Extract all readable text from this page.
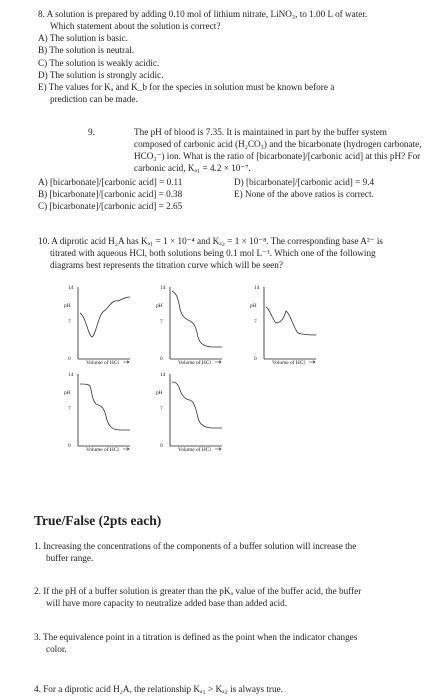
8. A solution is prepared by adding 0.10 mol of lithium nitrate, LiNO₃, to 1.00 L of water.
Which statement about the solution is correct?
A) The solution is basic.
B) The solution is neutral.
C) The solution is weakly acidic.
D) The solution is strongly acidic.
E) The values for Kₐ and K_b for the species in solution must be known before a
prediction can be made.
9.	The pH of blood is 7.35. It is maintained in part by the buffer system
composed of carbonic acid (H₂CO₃) and the bicarbonate (hydrogen carbonate,
HCO₃⁻) ion. What is the ratio of [bicarbonate]/[carbonic acid] at this pH? For
carbonic acid, Kₐ₁ = 4.2 × 10⁻⁷.
A) [bicarbonate]/[carbonic acid] = 0.11
B) [bicarbonate]/[carbonic acid] = 0.38
C) [bicarbonate]/[carbonic acid] = 2.65
D) [bicarbonate]/[carbonic acid] = 9.4
E) None of the above ratios is correct.
10. A diprotic acid H₂A has Kₐ₁ = 1 × 10⁻⁴ and Kₐ₂ = 1 × 10⁻⁸. The corresponding base A²⁻ is
titrated with aqueous HCl, both solutions being 0.1 mol L⁻¹. Which one of the following
diagrams best represents the titration curve which will be seen?
14
7
0
pH
Volume of HCl
14
7
0
pH
Volume of HCl
14
7
0
pH
Volume of HCl
14
7
0
pH
Volume of HCl
14
7
0
pH
Volume of HCl
True/False (2pts each)
1. Increasing the concentrations of the components of a buffer solution will increase the
buffer range.
2. If the pH of a buffer solution is greater than the pKₐ value of the buffer acid, the buffer
will have more capacity to neutralize added base than added acid.
3. The equivalence point in a titration is defined as the point when the indicator changes
color.
4. For a diprotic acid H₂A, the relationship Kₐ₁ > Kₐ₂ is always true.
